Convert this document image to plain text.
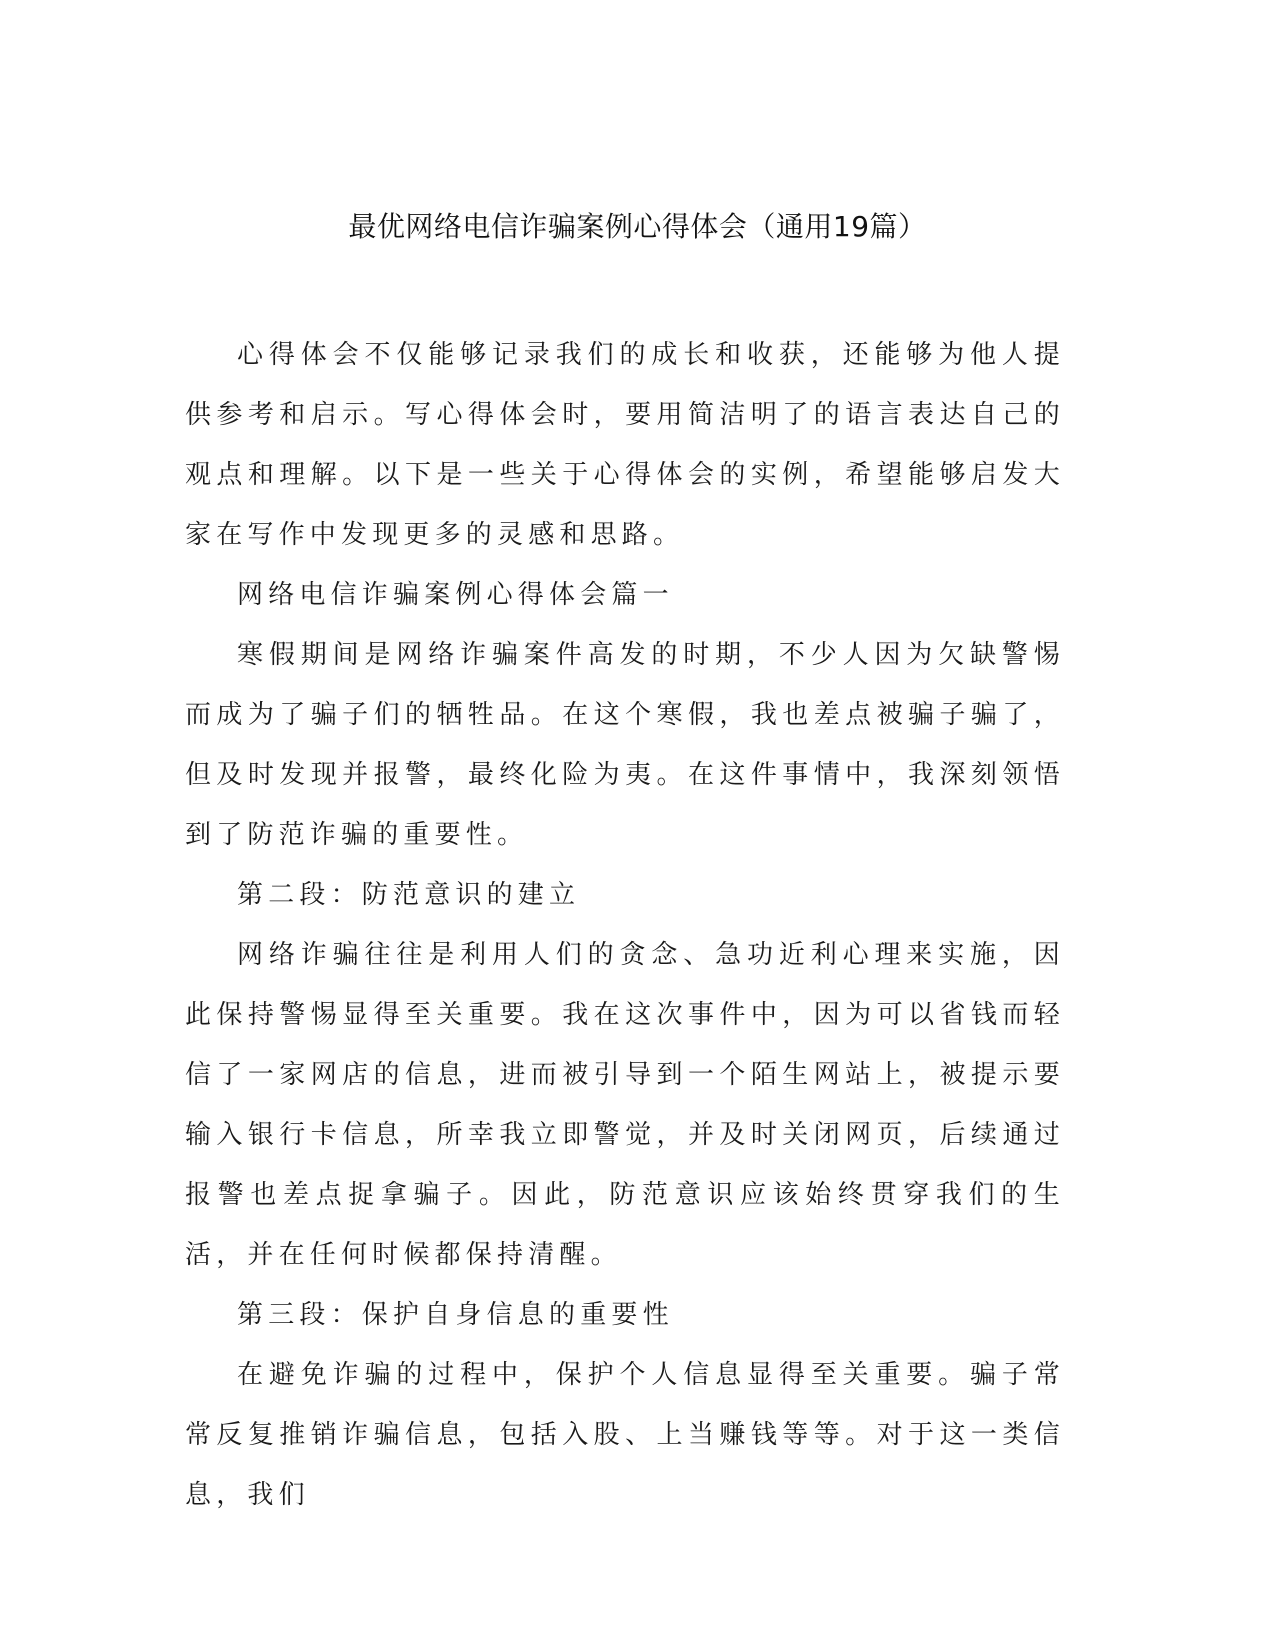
最优网络电信诈骗案例心得体会（通用19篇）

心得体会不仅能够记录我们的成长和收获，还能够为他人提供参考和启示。写心得体会时，要用简洁明了的语言表达自己的观点和理解。以下是一些关于心得体会的实例，希望能够启发大家在写作中发现更多的灵感和思路。

网络电信诈骗案例心得体会篇一

寒假期间是网络诈骗案件高发的时期，不少人因为欠缺警惕而成为了骗子们的牺牲品。在这个寒假，我也差点被骗子骗了，但及时发现并报警，最终化险为夷。在这件事情中，我深刻领悟到了防范诈骗的重要性。

第二段：防范意识的建立

网络诈骗往往是利用人们的贪念、急功近利心理来实施，因此保持警惕显得至关重要。我在这次事件中，因为可以省钱而轻信了一家网店的信息，进而被引导到一个陌生网站上，被提示要输入银行卡信息，所幸我立即警觉，并及时关闭网页，后续通过报警也差点捉拿骗子。因此，防范意识应该始终贯穿我们的生活，并在任何时候都保持清醒。

第三段：保护自身信息的重要性

在避免诈骗的过程中，保护个人信息显得至关重要。骗子常常反复推销诈骗信息，包括入股、上当赚钱等等。对于这一类信息，我们
